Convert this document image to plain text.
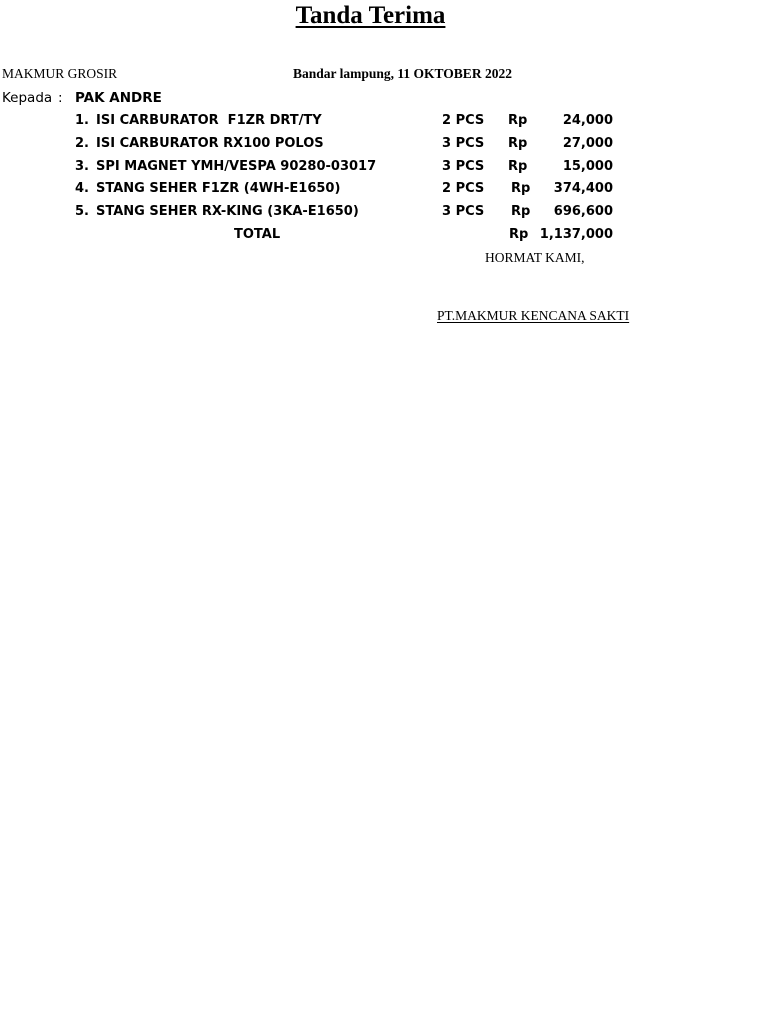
Tanda Terima
MAKMUR GROSIR	Bandar lampung, 11 OKTOBER 2022
Kepada : PAK ANDRE
1. ISI CARBURATOR  F1ZR DRT/TY	2 PCS Rp	24,000
2. ISI CARBURATOR RX100 POLOS	3 PCS Rp	27,000
3. SPI MAGNET YMH/VESPA 90280-03017	3 PCS Rp	15,000
4. STANG SEHER F1ZR (4WH-E1650)	2 PCS Rp 374,400
5. STANG SEHER RX-KING (3KA-E1650)	3 PCS Rp 696,600
TOTAL	Rp 1,137,000
HORMAT KAMI,
PT.MAKMUR KENCANA SAKTI
